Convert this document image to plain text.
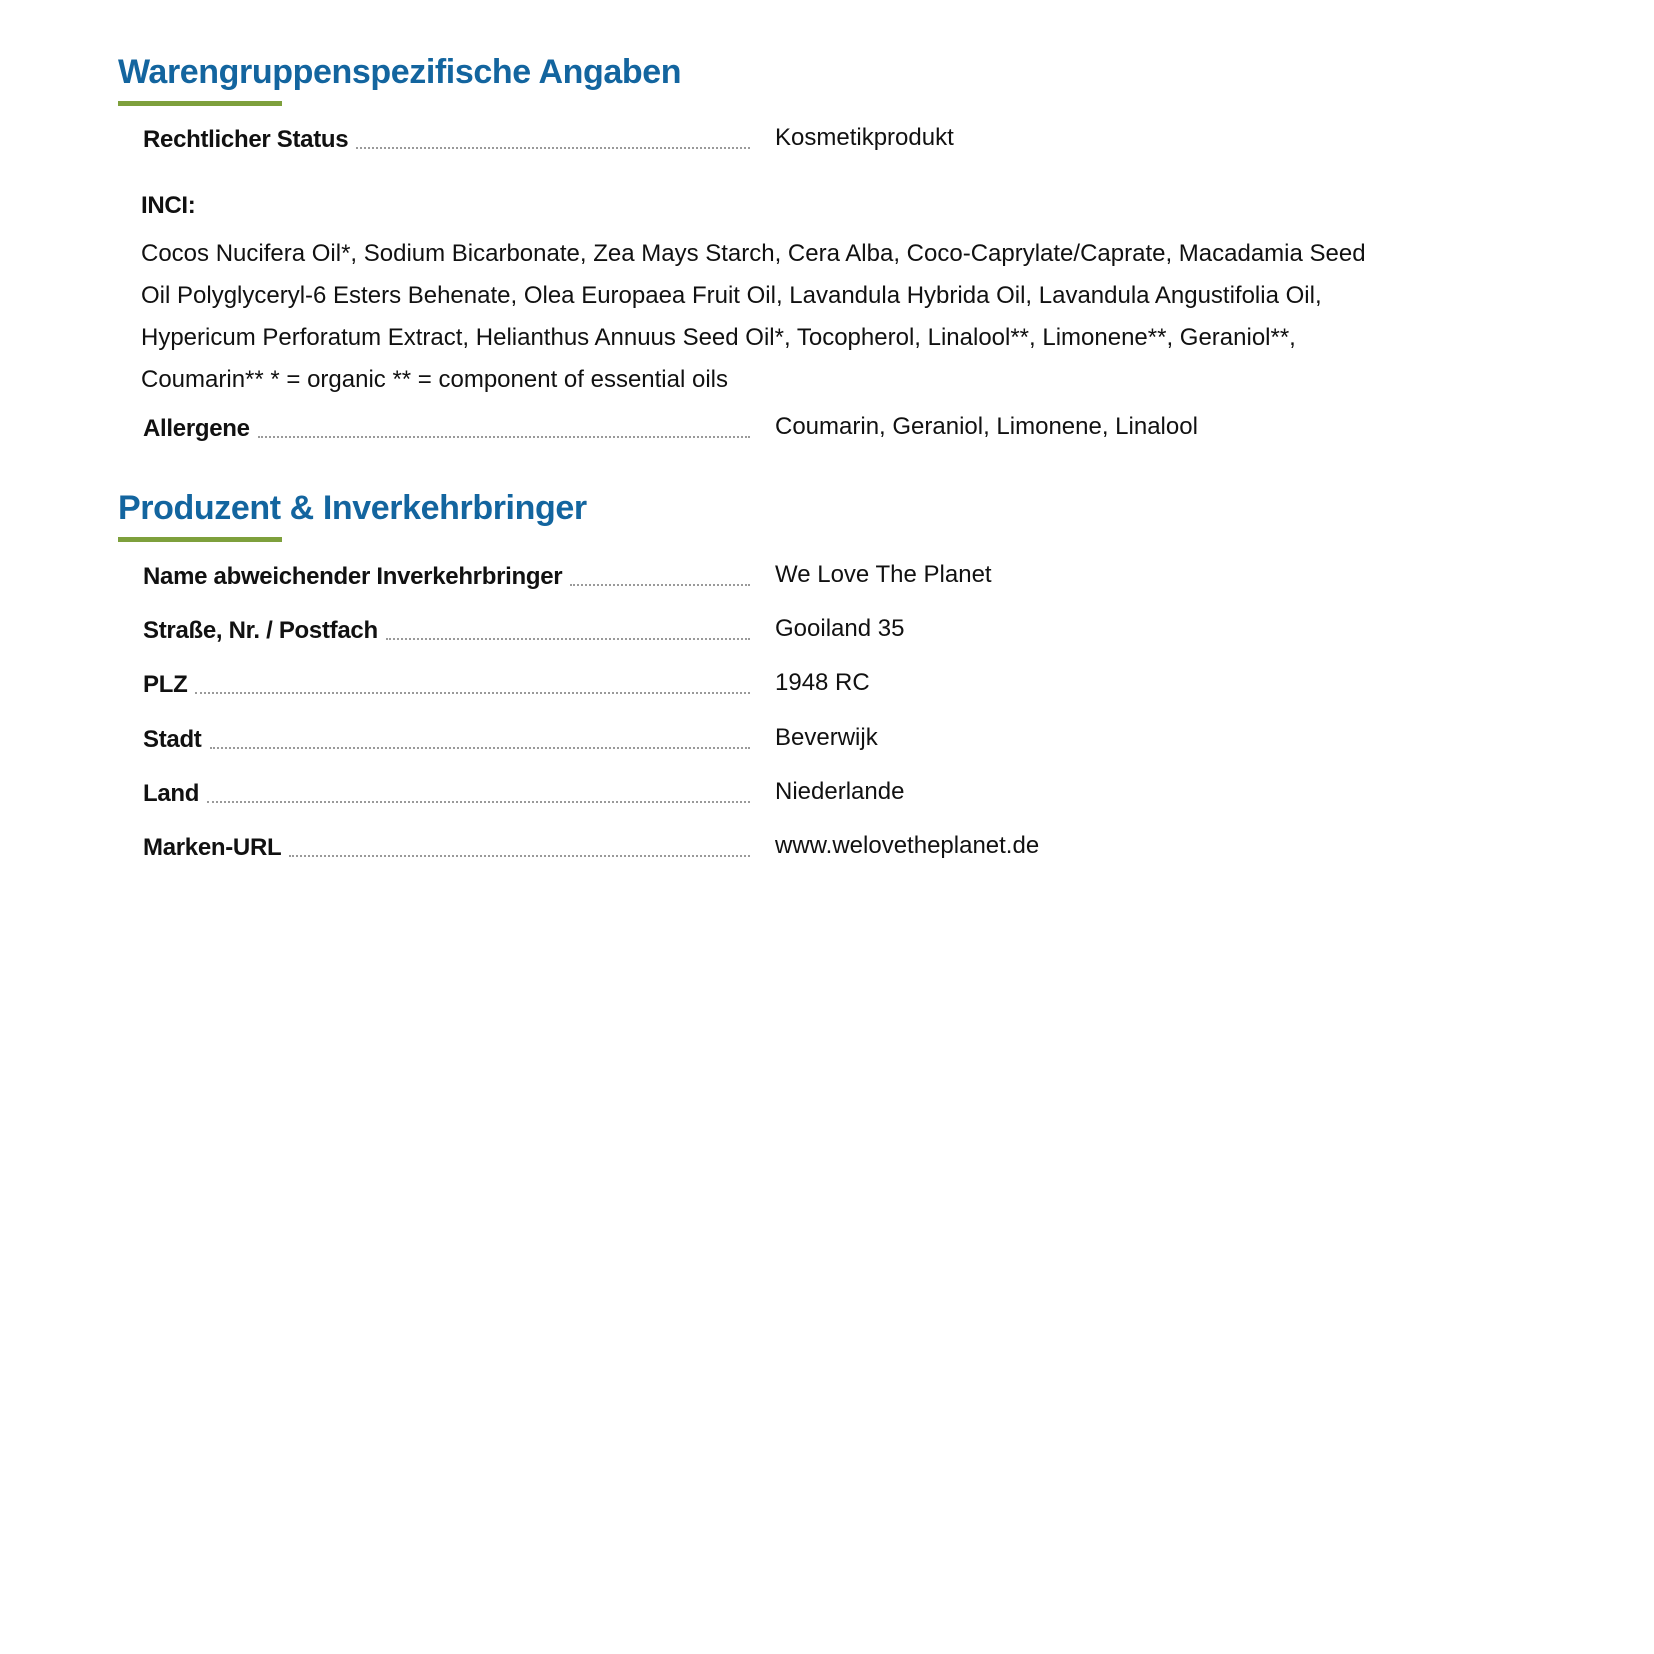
Warengruppenspezifische Angaben
Rechtlicher Status	Kosmetikprodukt

INCI:

Cocos Nucifera Oil*, Sodium Bicarbonate, Zea Mays Starch, Cera Alba, Coco-Caprylate/Caprate, Macadamia Seed Oil Polyglyceryl-6 Esters Behenate, Olea Europaea Fruit Oil, Lavandula Hybrida Oil, Lavandula Angustifolia Oil, Hypericum Perforatum Extract, Helianthus Annuus Seed Oil*, Tocopherol, Linalool**, Limonene**, Geraniol**, Coumarin** * = organic ** = component of essential oils

Allergene	Coumarin, Geraniol, Limonene, Linalool
Produzent & Inverkehrbringer
Name abweichender Inverkehrbringer	We Love The Planet
Straße, Nr. / Postfach	Gooiland 35
PLZ	1948 RC
Stadt	Beverwijk
Land	Niederlande
Marken-URL	www.welovetheplanet.de
